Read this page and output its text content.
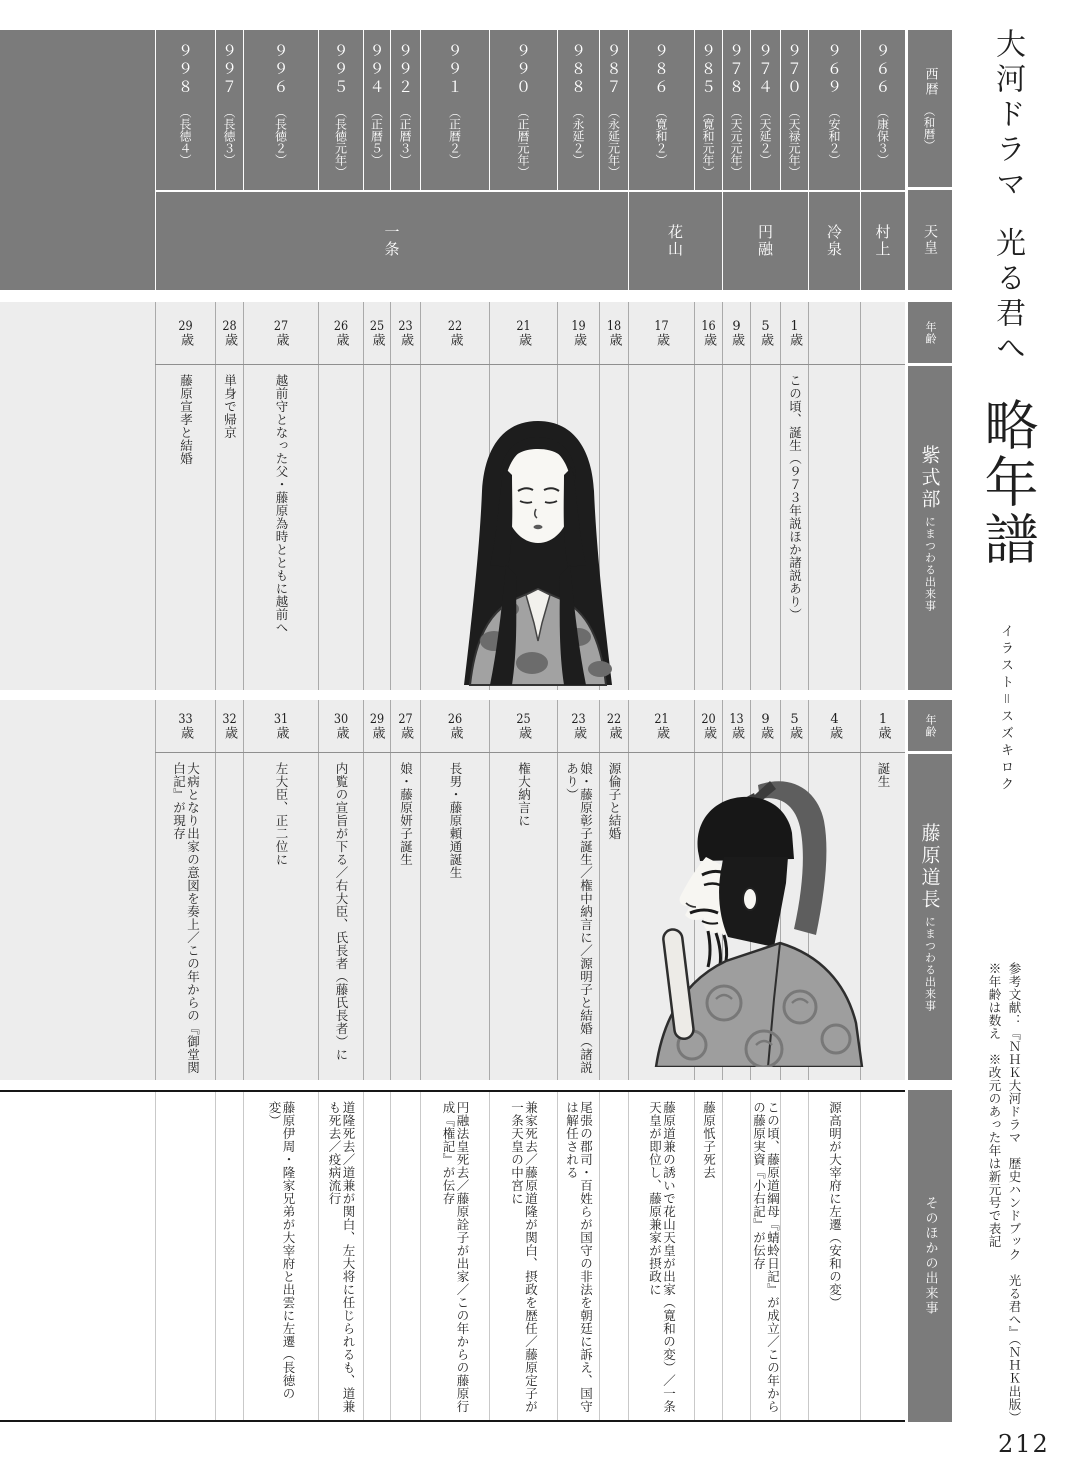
９６６（康保３）
９６９（安和２）
９７０（天禄元年）
９７４（天延２）
９７８（天元元年）
９８５（寛和元年）
９８６（寛和２）
９８７（永延元年）
９８８（永延２）
９９０（正暦元年）
９９１（正暦２）
９９２（正暦３）
９９４（正暦５）
９９５（長徳元年）
９９６（長徳２）
９９７（長徳３）
９９８（長徳４）
村上
冷泉
円融
花山
一条
1歳
5歳
9歳
16歳
17歳
18歳
19歳
21歳
22歳
23歳
25歳
26歳
27歳
28歳
29歳
この頃、誕生（９７３年説ほか諸説あり）
越前守となった父・藤原為時とともに越前へ
単身で帰京
藤原宣孝と結婚
1歳
4歳
5歳
9歳
13歳
20歳
21歳
22歳
23歳
25歳
26歳
27歳
29歳
30歳
31歳
32歳
33歳
誕生
源倫子と結婚
娘・藤原彰子誕生／権中納言に／源明子と結婚（諸説あり）
権大納言に
長男・藤原頼通誕生
娘・藤原妍子誕生
内覧の宣旨が下る／右大臣、氏長者（藤氏長者）に
左大臣、正二位に
大病となり出家の意図を奏上／この年からの『御堂関白記』が現存
源高明が大宰府に左遷（安和の変）
この頃、藤原道綱母『蜻蛉日記』が成立／この年からの藤原実資『小右記』が伝存
藤原忯子死去
藤原道兼の誘いで花山天皇が出家（寛和の変）／一条天皇が即位し、藤原兼家が摂政に
尾張の郡司・百姓らが国守の非法を朝廷に訴え、国守は解任される
兼家死去／藤原道隆が関白、摂政を歴任／藤原定子が一条天皇の中宮に
円融法皇死去／藤原詮子が出家／この年からの藤原行成『権記』が伝存
道隆死去／道兼が関白、左大将に任じられるも、道兼も死去／疫病流行
藤原伊周・隆家兄弟が大宰府と出雲に左遷（長徳の変）
西暦（和暦）
天皇
年齢
紫式部にまつわる出来事
年齢
藤原道長にまつわる出来事
そのほかの出来事
大河ドラマ光る君へ略年譜
イラスト＝スズキロク
参考文献：『ＮＨＫ大河ドラマ　歴史ハンドブック　光る君へ』（ＮＨＫ出版）
※年齢は数え　※改元のあった年は新元号で表記
212
